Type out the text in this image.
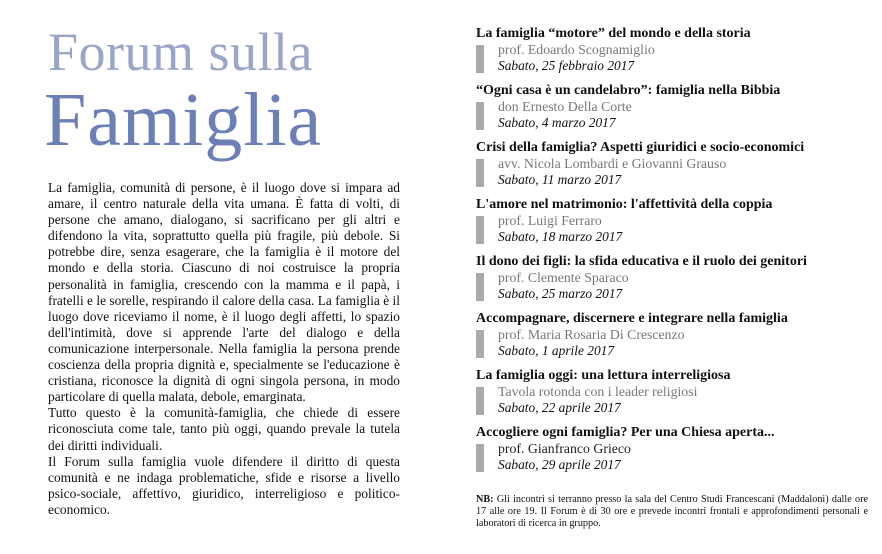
Forum sulla
Famiglia

La famiglia, comunità di persone, è il luogo dove si impara ad amare, il centro naturale della vita umana. È fatta di volti, di persone che amano, dialogano, si sacrificano per gli altri e difendono la vita, soprattutto quella più fragile, più debole. Si potrebbe dire, senza esagerare, che la famiglia è il motore del mondo e della storia. Ciascuno di noi costruisce la propria personalità in famiglia, crescendo con la mamma e il papà, i fratelli e le sorelle, respirando il calore della casa. La famiglia è il luogo dove riceviamo il nome, è il luogo degli affetti, lo spazio dell'intimità, dove si apprende l'arte del dialogo e della comunicazione interpersonale. Nella famiglia la persona prende coscienza della propria dignità e, specialmente se l'educazione è cristiana, riconosce la dignità di ogni singola persona, in modo particolare di quella malata, debole, emarginata.

Tutto questo è la comunità-famiglia, che chiede di essere riconosciuta come tale, tanto più oggi, quando prevale la tutela dei diritti individuali.

Il Forum sulla famiglia vuole difendere il diritto di questa comunità e ne indaga problematiche, sfide e risorse a livello psico-sociale, affettivo, giuridico, interreligioso e politico-economico.

La famiglia “motore” del mondo e della storia
prof. Edoardo Scognamiglio
Sabato, 25 febbraio 2017
“Ogni casa è un candelabro”: famiglia nella Bibbia
don Ernesto Della Corte
Sabato, 4 marzo 2017
Crisi della famiglia? Aspetti giuridici e socio-economici
avv. Nicola Lombardi e Giovanni Grauso
Sabato, 11 marzo 2017
L'amore nel matrimonio: l'affettività della coppia
prof. Luigi Ferraro
Sabato, 18 marzo 2017
Il dono dei figli: la sfida educativa e il ruolo dei genitori
prof. Clemente Sparaco
Sabato, 25 marzo 2017
Accompagnare, discernere e integrare nella famiglia
prof. Maria Rosaria Di Crescenzo
Sabato, 1 aprile 2017
La famiglia oggi: una lettura interreligiosa
Tavola rotonda con i leader religiosi
Sabato, 22 aprile 2017
Accogliere ogni famiglia? Per una Chiesa aperta...
prof. Gianfranco Grieco
Sabato, 29 aprile 2017
NB: Gli incontri si terranno presso la sala del Centro Studi Francescani (Maddaloni) dalle ore 17 alle ore 19. Il Forum è di 30 ore e prevede incontri frontali e approfondimenti personali e laboratori di ricerca in gruppo.
